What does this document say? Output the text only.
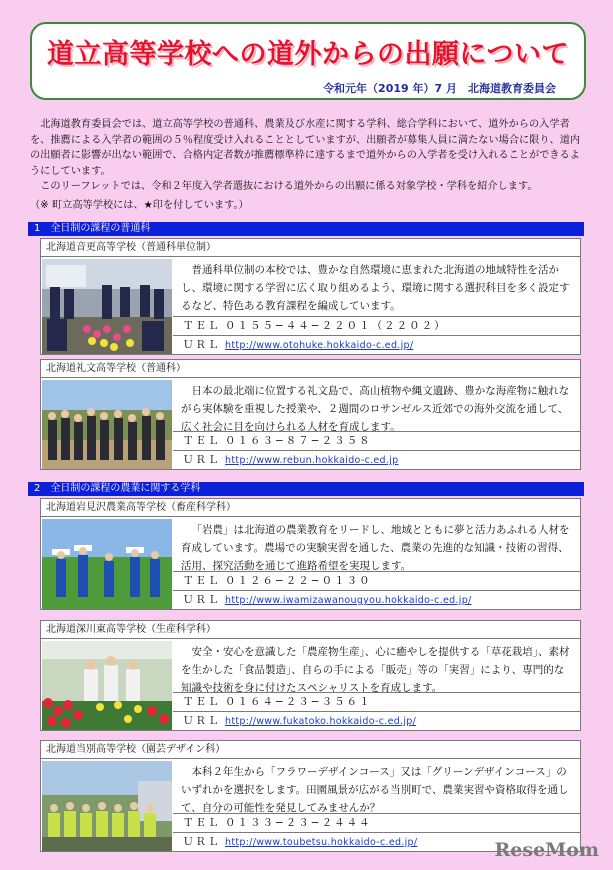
道立高等学校への道外からの出願について
令和元年（2019 年）7 月　北海道教育委員会

北海道教育委員会では、道立高等学校の普通科、農業及び水産に関する学科、総合学科において、道外からの入学者を、推薦による入学者の範囲の５％程度受け入れることとしていますが、出願者が募集人員に満たない場合に限り、道内の出願者に影響が出ない範囲で、合格内定者数が推薦標準枠に達するまで道外からの入学者を受け入れることができるようにしています。

このリーフレットでは、令和２年度入学者選抜における道外からの出願に係る対象学校・学科を紹介します。

（※ 町立高等学校には、★印を付しています。）
1　全日制の課程の普通科
北海道音更高等学校（普通科単位制）
普通科単位制の本校では、豊かな自然環境に恵まれた北海道の地域特性を活かし、環境に関する学習に広く取り組めるよう、環境に関する選択科目を多く設定するなど、特色ある教育課程を編成しています。
ＴＥＬ ０１５５−４４−２２０１（２２０２）
ＵＲＬ http://www.otohuke.hokkaido-c.ed.jp/
北海道礼文高等学校（普通科）
日本の最北端に位置する礼文島で、高山植物や縄文遺跡、豊かな海産物に触れながら実体験を重視した授業や、２週間のロサンゼルス近郊での海外交流を通して、広く社会に目を向けられる人材を育成します。
ＴＥＬ ０１６３−８７−２３５８
ＵＲＬ http://www.rebun.hokkaido-c.ed.jp
2　全日制の課程の農業に関する学科
北海道岩見沢農業高等学校（畜産科学科）
「岩農」は北海道の農業教育をリードし、地域とともに夢と活力あふれる人材を育成しています。農場での実験実習を通した、農業の先進的な知識・技術の習得、活用、探究活動を通じて進路希望を実現します。
ＴＥＬ ０１２６−２２−０１３０
ＵＲＬ http://www.iwamizawanougyou.hokkaido-c.ed.jp/
北海道深川東高等学校（生産科学科）
安全・安心を意識した「農産物生産」、心に癒やしを提供する「草花栽培」、素材を生かした「食品製造」、自らの手による「販売」等の「実習」により、専門的な知識や技術を身に付けたスペシャリストを育成します。
ＴＥＬ ０１６４−２３−３５６１
ＵＲＬ http://www.fukatoko.hokkaido-c.ed.jp/
北海道当別高等学校（園芸デザイン科）
本科２年生から「フラワーデザインコース」又は「グリーンデザインコース」のいずれかを選択をします。田園風景が広がる当別町で、農業実習や資格取得を通して、自分の可能性を発見してみませんか？
ＴＥＬ ０１３３−２３−２４４４
ＵＲＬ http://www.toubetsu.hokkaido-c.ed.jp/	ReseMom
